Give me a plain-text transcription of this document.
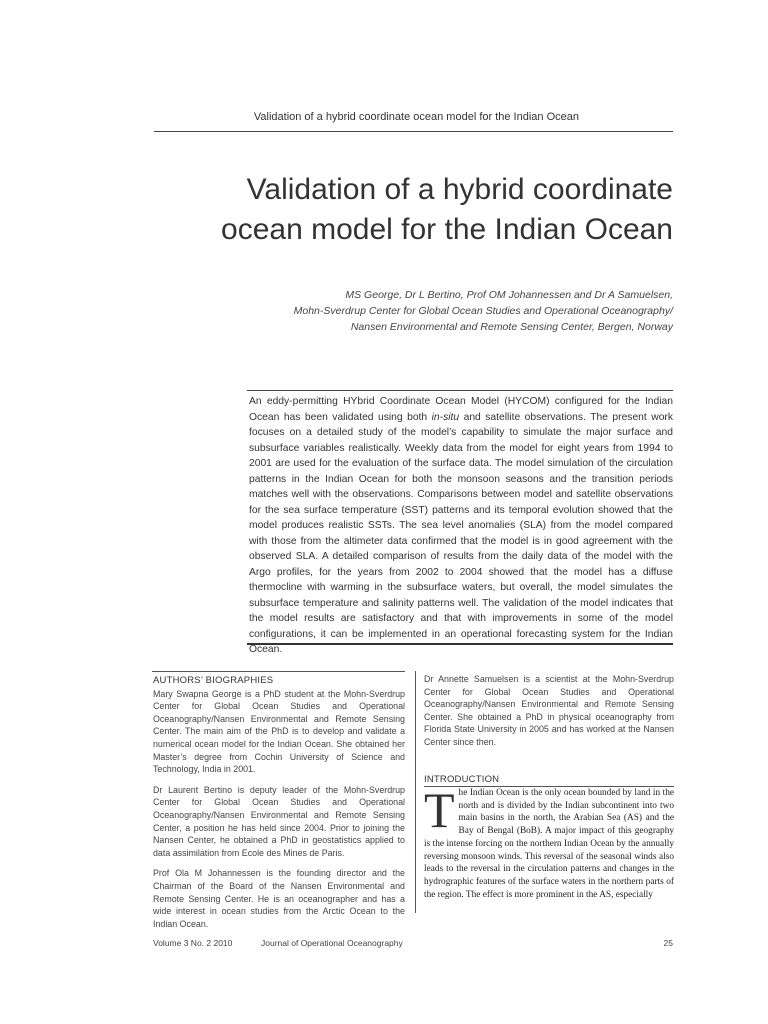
Validation of a hybrid coordinate ocean model for the Indian Ocean
Validation of a hybrid coordinate
ocean model for the Indian Ocean
MS George, Dr L Bertino, Prof OM Johannessen and Dr A Samuelsen,
Mohn-Sverdrup Center for Global Ocean Studies and Operational Oceanography/
Nansen Environmental and Remote Sensing Center, Bergen, Norway
An eddy-permitting HYbrid Coordinate Ocean Model (HYCOM) configured for the Indian Ocean has been validated using both in-situ and satellite observations. The present work focuses on a detailed study of the model’s capability to simulate the major surface and subsurface variables realistically. Weekly data from the model for eight years from 1994 to 2001 are used for the evaluation of the surface data. The model simulation of the circulation patterns in the Indian Ocean for both the monsoon seasons and the transition periods matches well with the observations. Comparisons between model and satellite observations for the sea surface temperature (SST) patterns and its temporal evolution showed that the model produces realistic SSTs. The sea level anomalies (SLA) from the model compared with those from the altimeter data confirmed that the model is in good agreement with the observed SLA. A detailed comparison of results from the daily data of the model with the Argo profiles, for the years from 2002 to 2004 showed that the model has a diffuse thermocline with warming in the subsurface waters, but overall, the model simulates the subsurface temperature and salinity patterns well. The validation of the model indicates that the model results are satisfactory and that with improvements in some of the model configurations, it can be implemented in an operational forecasting system for the Indian Ocean.
AUTHORS’ BIOGRAPHIES

Mary Swapna George is a PhD student at the Mohn-Sverdrup Center for Global Ocean Studies and Operational Oceanography/Nansen Environmental and Remote Sensing Center. The main aim of the PhD is to develop and validate a numerical ocean model for the Indian Ocean. She obtained her Master’s degree from Cochin University of Science and Technology, India in 2001.

Dr Laurent Bertino is deputy leader of the Mohn-Sverdrup Center for Global Ocean Studies and Operational Oceanography/Nansen Environmental and Remote Sensing Center, a position he has held since 2004. Prior to joining the Nansen Center, he obtained a PhD in geostatistics applied to data assimilation from Ecole des Mines de Paris.

Prof Ola M Johannessen is the founding director and the Chairman of the Board of the Nansen Environmental and Remote Sensing Center. He is an oceanographer and has a wide interest in ocean studies from the Arctic Ocean to the Indian Ocean.

Dr Annette Samuelsen is a scientist at the Mohn-Sverdrup Center for Global Ocean Studies and Operational Oceanography/Nansen Environmental and Remote Sensing Center. She obtained a PhD in physical oceanography from Florida State University in 2005 and has worked at the Nansen Center since then.

INTRODUCTION
The Indian Ocean is the only ocean bounded by land in the north and is divided by the Indian subcontinent into two main basins in the north, the Arabian Sea (AS) and the Bay of Bengal (BoB). A major impact of this geography is the intense forcing on the northern Indian Ocean by the annually reversing monsoon winds. This reversal of the seasonal winds also leads to the reversal in the circulation patterns and changes in the hydrographic features of the surface waters in the northern parts of the region. The effect is more prominent in the AS, especially
Volume 3 No. 2 2010	Journal of Operational Oceanography	25
